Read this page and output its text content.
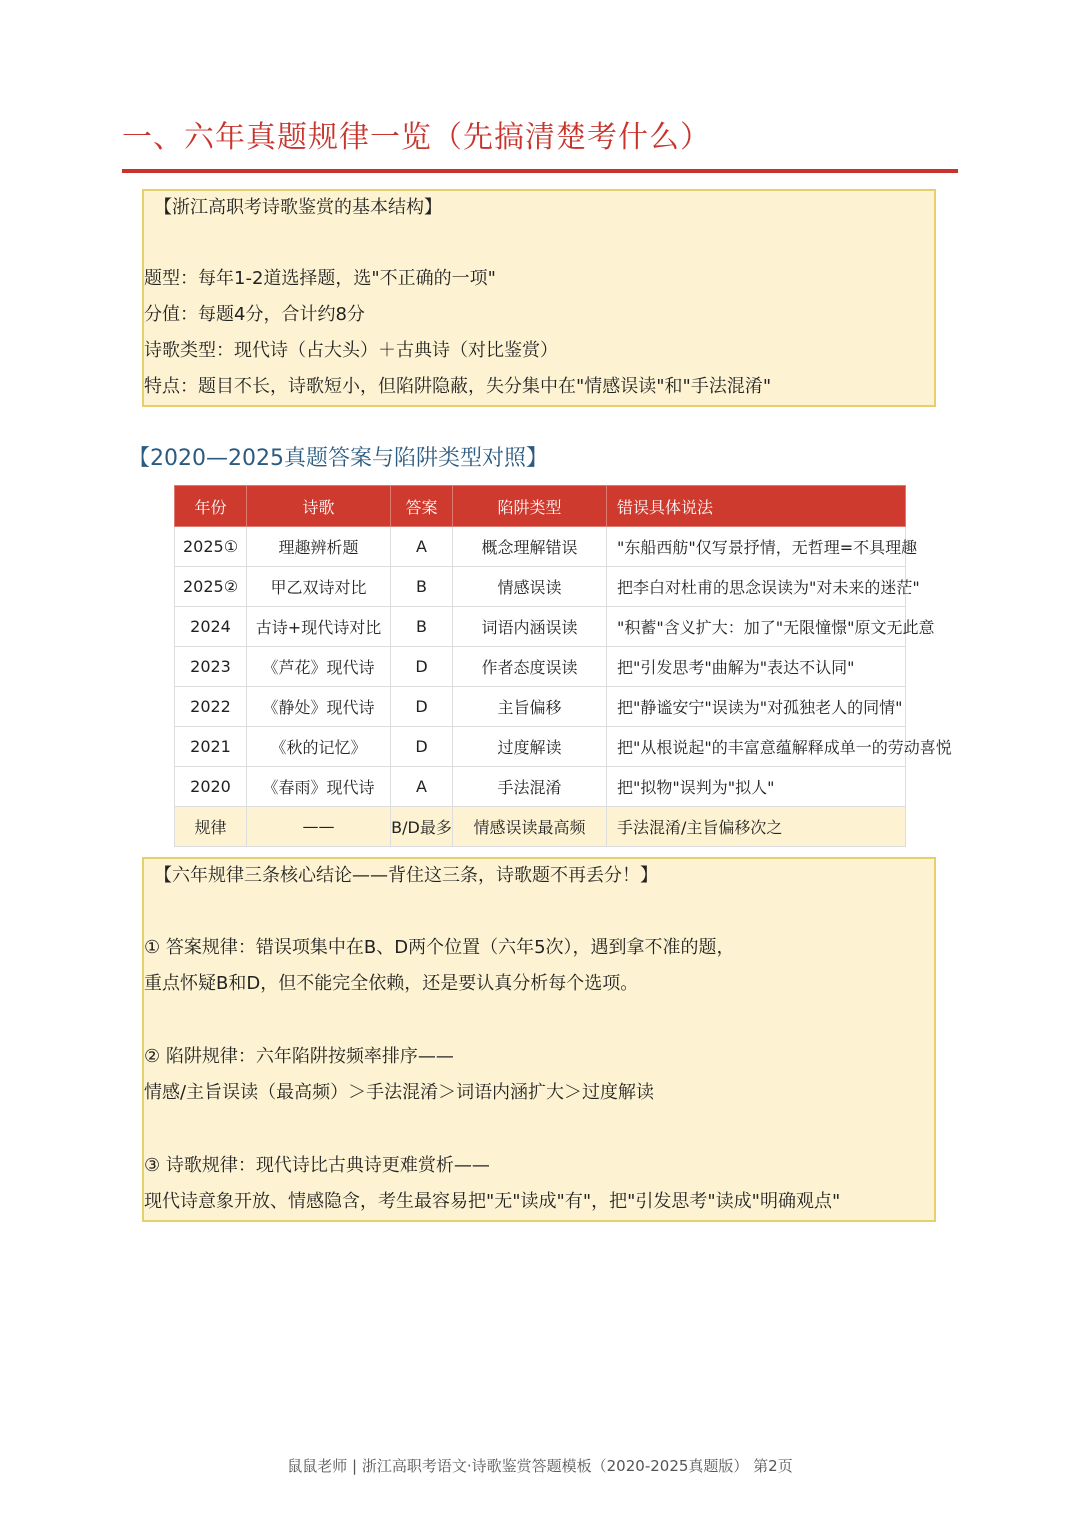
一、六年真题规律一览（先搞清楚考什么）
【浙江高职考诗歌鉴赏的基本结构】
题型：每年1-2道选择题，选"不正确的一项"
分值：每题4分，合计约8分
诗歌类型：现代诗（占大头）＋古典诗（对比鉴赏）
特点：题目不长，诗歌短小，但陷阱隐蔽，失分集中在"情感误读"和"手法混淆"
【2020—2025真题答案与陷阱类型对照】
年份	诗歌	答案	陷阱类型	错误具体说法
2025①	理趣辨析题	A	概念理解错误	"东船西舫"仅写景抒情，无哲理=不具理趣
2025②	甲乙双诗对比	B	情感误读	把李白对杜甫的思念误读为"对未来的迷茫"
2024	古诗+现代诗对比	B	词语内涵误读	"积蓄"含义扩大：加了"无限憧憬"原文无此意
2023	《芦花》现代诗	D	作者态度误读	把"引发思考"曲解为"表达不认同"
2022	《静处》现代诗	D	主旨偏移	把"静谧安宁"误读为"对孤独老人的同情"
2021	《秋的记忆》	D	过度解读	把"从根说起"的丰富意蕴解释成单一的劳动喜悦
2020	《春雨》现代诗	A	手法混淆	把"拟物"误判为"拟人"
规律	——	B/D最多	情感误读最高频	手法混淆/主旨偏移次之
【六年规律三条核心结论——背住这三条，诗歌题不再丢分！】
① 答案规律：错误项集中在B、D两个位置（六年5次），遇到拿不准的题，
重点怀疑B和D，但不能完全依赖，还是要认真分析每个选项。
② 陷阱规律：六年陷阱按频率排序——
情感/主旨误读（最高频）＞手法混淆＞词语内涵扩大＞过度解读
③ 诗歌规律：现代诗比古典诗更难赏析——
现代诗意象开放、情感隐含，考生最容易把"无"读成"有"，把"引发思考"读成"明确观点"
鼠鼠老师 | 浙江高职考语文·诗歌鉴赏答题模板（2020-2025真题版） 第2页
